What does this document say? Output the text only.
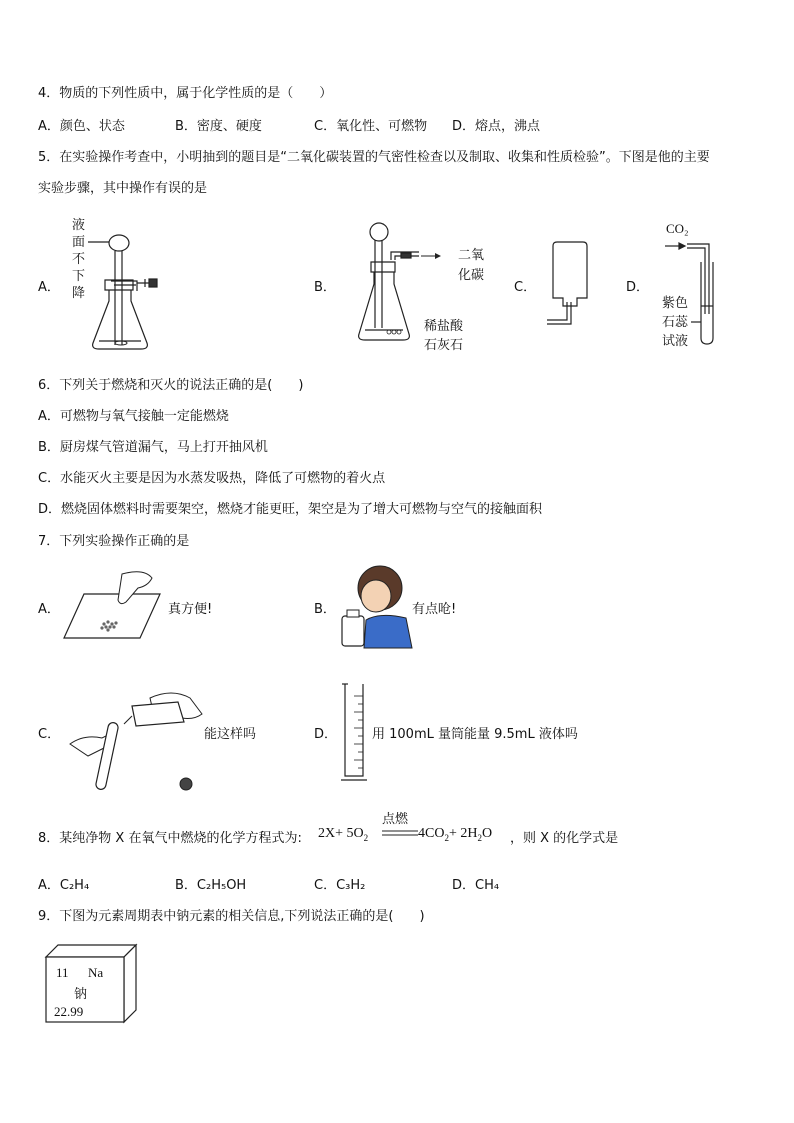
4．物质的下列性质中，属于化学性质的是（　　）
A．颜色、状态	B．密度、硬度	C．氧化性、可燃物 D．熔点，沸点
5．在实验操作考查中，小明抽到的题目是“二氧化碳装置的气密性检查以及制取、收集和性质检验”。下图是他的主要
实验步骤，其中操作有误的是
A．	B．	C．	D．
液
面
不
下
降
二氧
化碳
稀盐酸
石灰石
CO₂
紫色
石蕊
试液
6．下列关于燃烧和灭火的说法正确的是(　　)
A．可燃物与氧气接触一定能燃烧
B．厨房煤气管道漏气，马上打开抽风机
C．水能灭火主要是因为水蒸发吸热，降低了可燃物的着火点
D．燃烧固体燃料时需要架空，燃烧才能更旺，架空是为了增大可燃物与空气的接触面积
7．下列实验操作正确的是
A．	真方便!	B．	有点呛!
C．	能这样吗	D．	用 100mL 量筒能量 9.5mL 液体吗
8．某纯净物 X 在氧气中燃烧的化学方程式为: $2X+ 5O_2$
点燃
$4CO_2+ 2H_2O$ ，则 X 的化学式是
A．C₂H₄	B．C₂H₅OH	C．C₃H₂	D．CH₄
9．下图为元素周期表中钠元素的相关信息,下列说法正确的是(　　)
11 Na
钠
22.99
